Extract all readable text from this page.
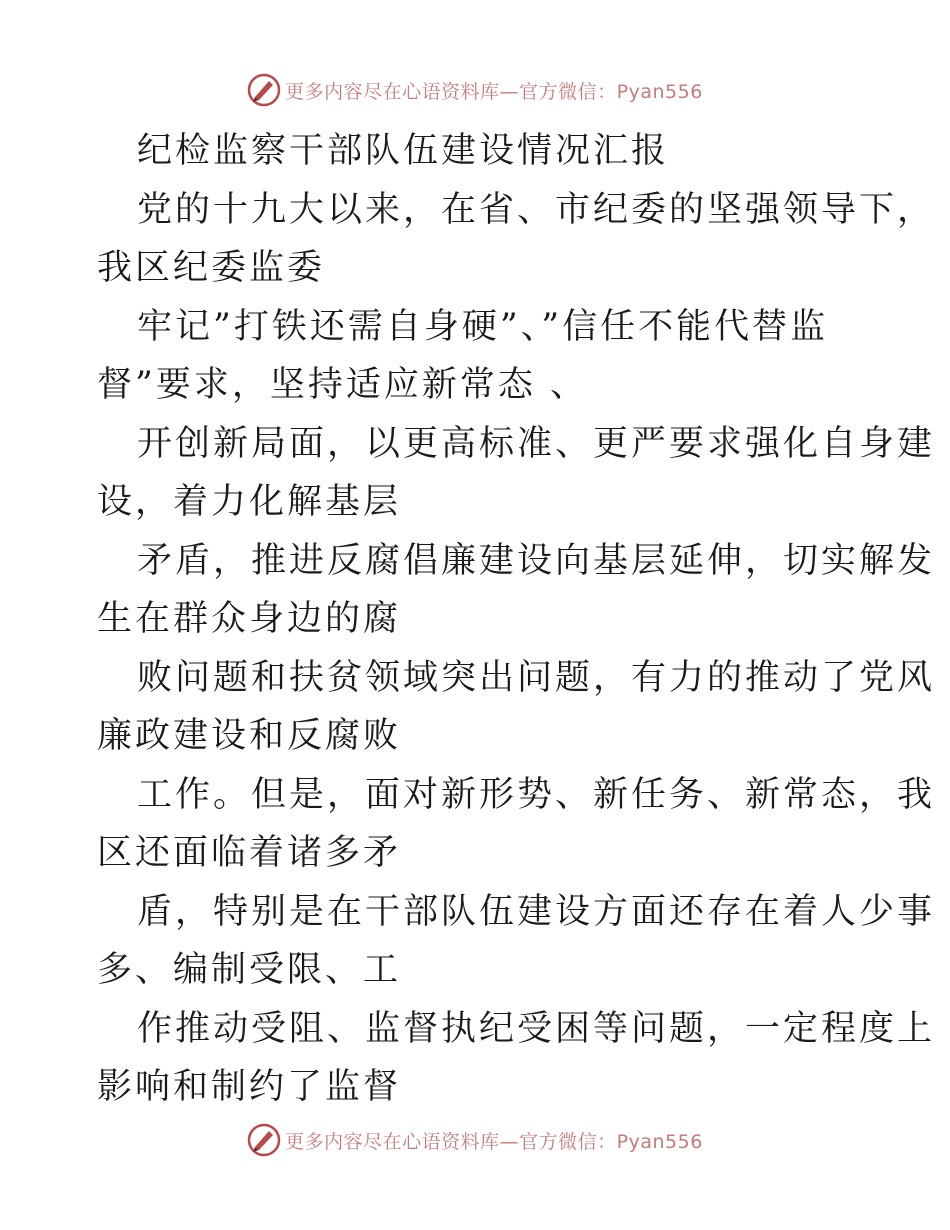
更多内容尽在心语资料库—官方微信：Pyan556
纪检监察干部队伍建设情况汇报
党的十九大以来，在省、市纪委的坚强领导下，
我区纪委监委
牢记”打铁还需自身硬”、”信任不能代替监
督”要求，坚持适应新常态 、
开创新局面，以更高标准、更严要求强化自身建
设，着力化解基层
矛盾，推进反腐倡廉建设向基层延伸，切实解发
生在群众身边的腐
败问题和扶贫领域突出问题，有力的推动了党风
廉政建设和反腐败
工作。但是，面对新形势、新任务、新常态，我
区还面临着诸多矛
盾，特别是在干部队伍建设方面还存在着人少事
多、编制受限、工
作推动受阻、监督执纪受困等问题，一定程度上
影响和制约了监督
更多内容尽在心语资料库—官方微信：Pyan556
